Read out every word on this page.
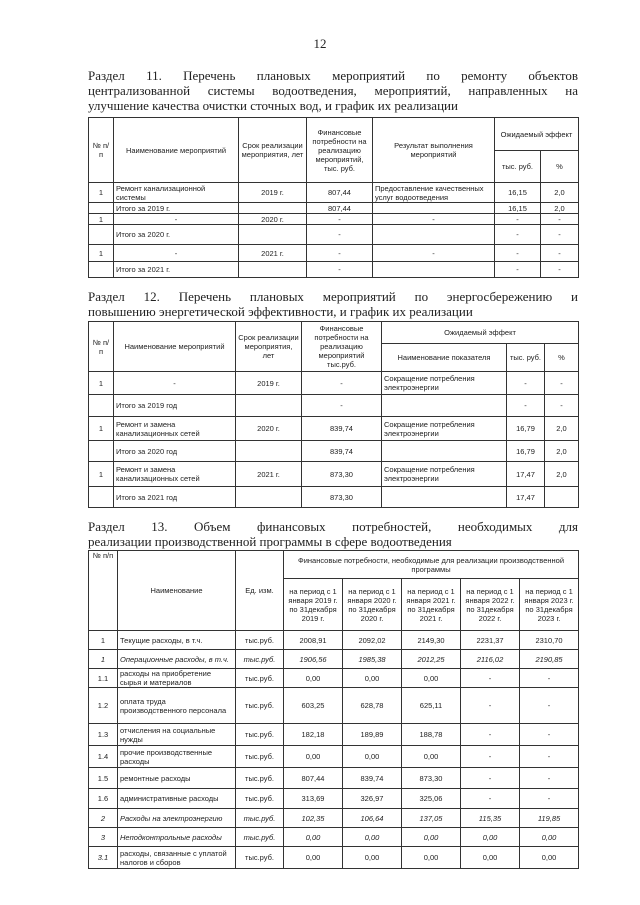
12
Раздел 11. Перечень плановых мероприятий по ремонту объектов
централизованной системы водоотведения, мероприятий, направленных на
улучшение качества очистки сточных вод, и график их реализации
№ п/п	Наименование мероприятий	Срок реализации мероприятия, лет	Финансовые потребности на реализацию мероприятий, тыс. руб.	Результат выполнения мероприятий	Ожидаемый эффект	
					тыс. руб.	%
1	Ремонт канализационной системы	2019 г.	807,44	Предоставление качественных услуг водоотведения	16,15	2,0
	Итого за 2019 г.		807,44		16,15	2,0
1	-	2020 г.	-	-	-	-
	Итого за 2020 г.		-		-	-
1	-	2021 г.	-	-	-	-
	Итого за 2021 г.		-		-	-
Раздел 12. Перечень плановых мероприятий по энергосбережению и
повышению энергетической эффективности, и график их реализации
№ п/п	Наименование мероприятий	Срок реализации мероприятия, лет	Финансовые потребности на реализацию мероприятий тыс.руб.	Ожидаемый эффект		
				Наименование показателя	тыс. руб.	%
1	-	2019 г.	-	Сокращение потребления электроэнергии	-	-
	Итого за 2019 год		-		-	-
1	Ремонт и замена канализационных сетей	2020 г.	839,74	Сокращение потребления электроэнергии	16,79	2,0
	Итого за 2020 год		839,74		16,79	2,0
1	Ремонт и замена канализационных сетей	2021 г.	873,30	Сокращение потребления электроэнергии	17,47	2,0
	Итого за 2021 год		873,30		17,47	
Раздел 13. Объем финансовых потребностей, необходимых для
реализации производственной программы в сфере водоотведения
№ п/п	Наименование	Ед. изм.	Финансовые потребности, необходимые для реализации производственной программы				
			на период с 1 января 2019 г. по 31декабря 2019 г.	на период с 1 января 2020 г. по 31декабря 2020 г.	на период с 1 января 2021 г. по 31декабря 2021 г.	на период с 1 января 2022 г. по 31декабря 2022 г.	на период с 1 января 2023 г. по 31декабря 2023 г.
1	Текущие расходы, в т.ч.	тыс.руб.	2008,91	2092,02	2149,30	2231,37	2310,70
1	Операционные расходы, в т.ч.	тыс.руб.	1906,56	1985,38	2012,25	2116,02	2190,85
1.1	расходы на приобретение сырья и материалов	тыс.руб.	0,00	0,00	0,00	-	-
1.2	оплата труда производственного персонала	тыс.руб.	603,25	628,78	625,11	-	-
1.3	отчисления на социальные нужды	тыс.руб.	182,18	189,89	188,78	-	-
1.4	прочие производственные расходы	тыс.руб.	0,00	0,00	0,00	-	-
1.5	ремонтные расходы	тыс.руб.	807,44	839,74	873,30	-	-
1.6	административные расходы	тыс.руб.	313,69	326,97	325,06	-	-
2	Расходы на электроэнергию	тыс.руб.	102,35	106,64	137,05	115,35	119,85
3	Неподконтрольные расходы	тыс.руб.	0,00	0,00	0,00	0,00	0,00
3.1	расходы, связанные с уплатой налогов и сборов	тыс.руб.	0,00	0,00	0,00	0,00	0,00
